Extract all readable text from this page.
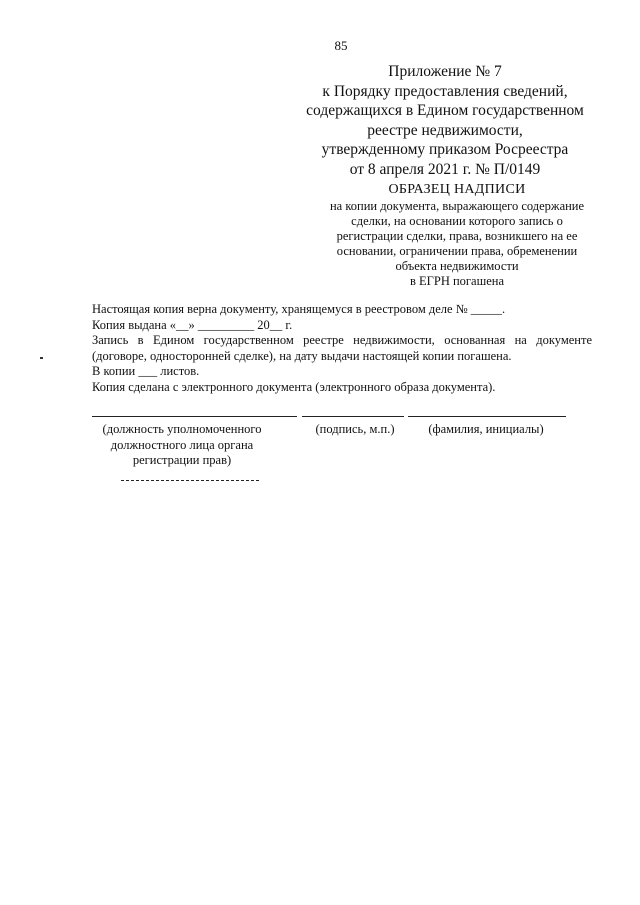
85
Приложение № 7
к Порядку предоставления сведений,
содержащихся в Едином государственном
реестре недвижимости,
утвержденному приказом Росреестра
от 8 апреля 2021 г. № П/0149
ОБРАЗЕЦ НАДПИСИ
на копии документа, выражающего содержание
сделки, на основании которого запись о
регистрации сделки, права, возникшего на ее
основании, ограничении права, обременении
объекта недвижимости
в ЕГРН погашена
Настоящая копия верна документу, хранящемуся в реестровом деле № _____.
Копия выдана «__» _________ 20__ г.
Запись в Едином государственном реестре недвижимости, основанная на документе
(договоре, односторонней сделке), на дату выдачи настоящей копии погашена.
В копии ___ листов.
Копия сделана с электронного документа (электронного образа документа).
(должность уполномоченного
должностного лица органа
регистрации прав)
(подпись, м.п.)	(фамилия, инициалы)
